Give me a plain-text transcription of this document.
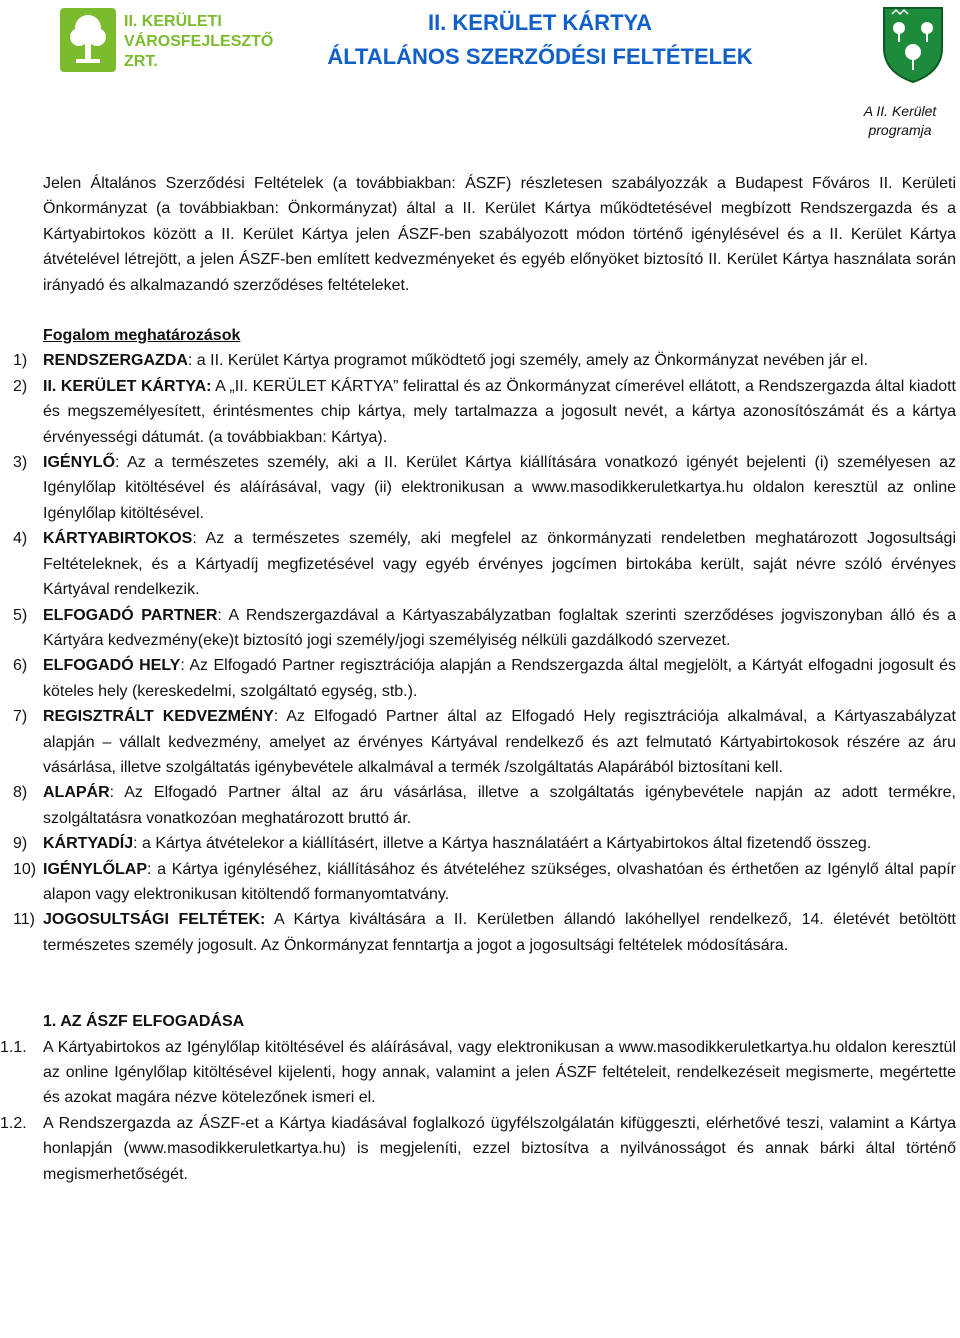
II. KERÜLETI
VÁROSFEJLESZTŐ
ZRT.
II. KERÜLET KÁRTYA
ÁLTALÁNOS SZERZŐDÉSI FELTÉTELEK
A II. Kerület programja

Jelen Általános Szerződési Feltételek (a továbbiakban: ÁSZF) részletesen szabályozzák a Budapest Főváros II. Kerületi Önkormányzat (a továbbiakban: Önkormányzat) által a II. Kerület Kártya működtetésével megbízott Rendszergazda és a Kártyabirtokos között a II. Kerület Kártya jelen ÁSZF-ben szabályozott módon történő igénylésével és a II. Kerület Kártya átvételével létrejött, a jelen ÁSZF-ben említett kedvezményeket és egyéb előnyöket biztosító II. Kerület Kártya használata során irányadó és alkalmazandó szerződéses feltételeket.

Fogalom meghatározások
1) RENDSZERGAZDA: a II. Kerület Kártya programot működtető jogi személy, amely az Önkormányzat nevében jár el.
2) II. KERÜLET KÁRTYA: A „II. KERÜLET KÁRTYA” felirattal és az Önkormányzat címerével ellátott, a Rendszergazda által kiadott és megszemélyesített, érintésmentes chip kártya, mely tartalmazza a jogosult nevét, a kártya azonosítószámát és a kártya érvényességi dátumát. (a továbbiakban: Kártya).
3) IGÉNYLŐ: Az a természetes személy, aki a II. Kerület Kártya kiállítására vonatkozó igényét bejelenti (i) személyesen az Igénylőlap kitöltésével és aláírásával, vagy (ii) elektronikusan a www.masodikkeruletkartya.hu oldalon keresztül az online Igénylőlap kitöltésével.
4) KÁRTYABIRTOKOS: Az a természetes személy, aki megfelel az önkormányzati rendeletben meghatározott Jogosultsági Feltételeknek, és a Kártyadíj megfizetésével vagy egyéb érvényes jogcímen birtokába került, saját névre szóló érvényes Kártyával rendelkezik.
5) ELFOGADÓ PARTNER: A Rendszergazdával a Kártyaszabályzatban foglaltak szerinti szerződéses jogviszonyban álló és a Kártyára kedvezmény(eke)t biztosító jogi személy/jogi személyiség nélküli gazdálkodó szervezet.
6) ELFOGADÓ HELY: Az Elfogadó Partner regisztrációja alapján a Rendszergazda által megjelölt, a Kártyát elfogadni jogosult és köteles hely (kereskedelmi, szolgáltató egység, stb.).
7) REGISZTRÁLT KEDVEZMÉNY: Az Elfogadó Partner által az Elfogadó Hely regisztrációja alkalmával, a Kártyaszabályzat alapján – vállalt kedvezmény, amelyet az érvényes Kártyával rendelkező és azt felmutató Kártyabirtokosok részére az áru vásárlása, illetve szolgáltatás igénybevétele alkalmával a termék /szolgáltatás Alapárából biztosítani kell.
8) ALAPÁR: Az Elfogadó Partner által az áru vásárlása, illetve a szolgáltatás igénybevétele napján az adott termékre, szolgáltatásra vonatkozóan meghatározott bruttó ár.
9) KÁRTYADÍJ: a Kártya átvételekor a kiállításért, illetve a Kártya használatáért a Kártyabirtokos által fizetendő összeg.
10) IGÉNYLŐLAP: a Kártya igényléséhez, kiállításához és átvételéhez szükséges, olvashatóan és érthetően az Igénylő által papír alapon vagy elektronikusan kitöltendő formanyomtatvány.
11) JOGOSULTSÁGI FELTÉTEK: A Kártya kiváltására a II. Kerületben állandó lakóhellyel rendelkező, 14. életévét betöltött természetes személy jogosult. Az Önkormányzat fenntartja a jogot a jogosultsági feltételek módosítására.
1. AZ ÁSZF ELFOGADÁSA
1.1. A Kártyabirtokos az Igénylőlap kitöltésével és aláírásával, vagy elektronikusan a www.masodikkeruletkartya.hu oldalon keresztül az online Igénylőlap kitöltésével kijelenti, hogy annak, valamint a jelen ÁSZF feltételeit, rendelkezéseit megismerte, megértette és azokat magára nézve kötelezőnek ismeri el.
1.2. A Rendszergazda az ÁSZF-et a Kártya kiadásával foglalkozó ügyfélszolgálatán kifüggeszti, elérhetővé teszi, valamint a Kártya honlapján (www.masodikkeruletkartya.hu) is megjeleníti, ezzel biztosítva a nyilvánosságot és annak bárki által történő megismerhetőségét.
